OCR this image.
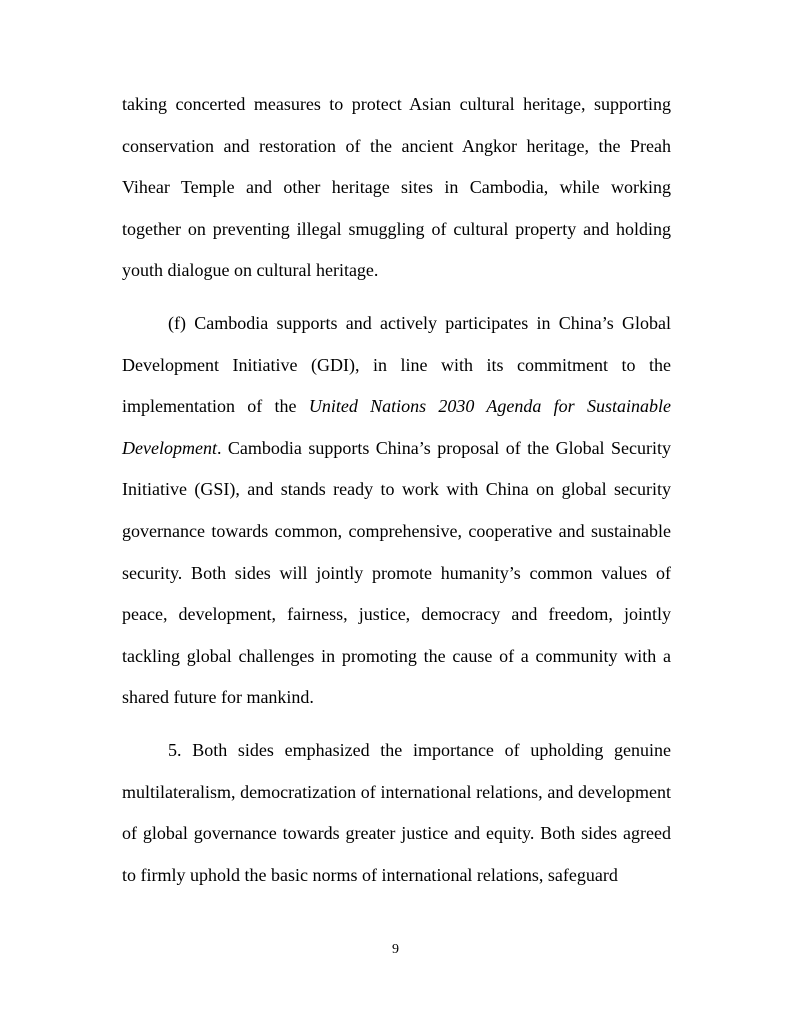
taking concerted measures to protect Asian cultural heritage, supporting conservation and restoration of the ancient Angkor heritage, the Preah Vihear Temple and other heritage sites in Cambodia, while working together on preventing illegal smuggling of cultural property and holding youth dialogue on cultural heritage.

(f) Cambodia supports and actively participates in China’s Global Development Initiative (GDI), in line with its commitment to the implementation of the United Nations 2030 Agenda for Sustainable Development. Cambodia supports China’s proposal of the Global Security Initiative (GSI), and stands ready to work with China on global security governance towards common, comprehensive, cooperative and sustainable security. Both sides will jointly promote humanity’s common values of peace, development, fairness, justice, democracy and freedom, jointly tackling global challenges in promoting the cause of a community with a shared future for mankind.

5. Both sides emphasized the importance of upholding genuine multilateralism, democratization of international relations, and development of global governance towards greater justice and equity. Both sides agreed to firmly uphold the basic norms of international relations, safeguard

9
